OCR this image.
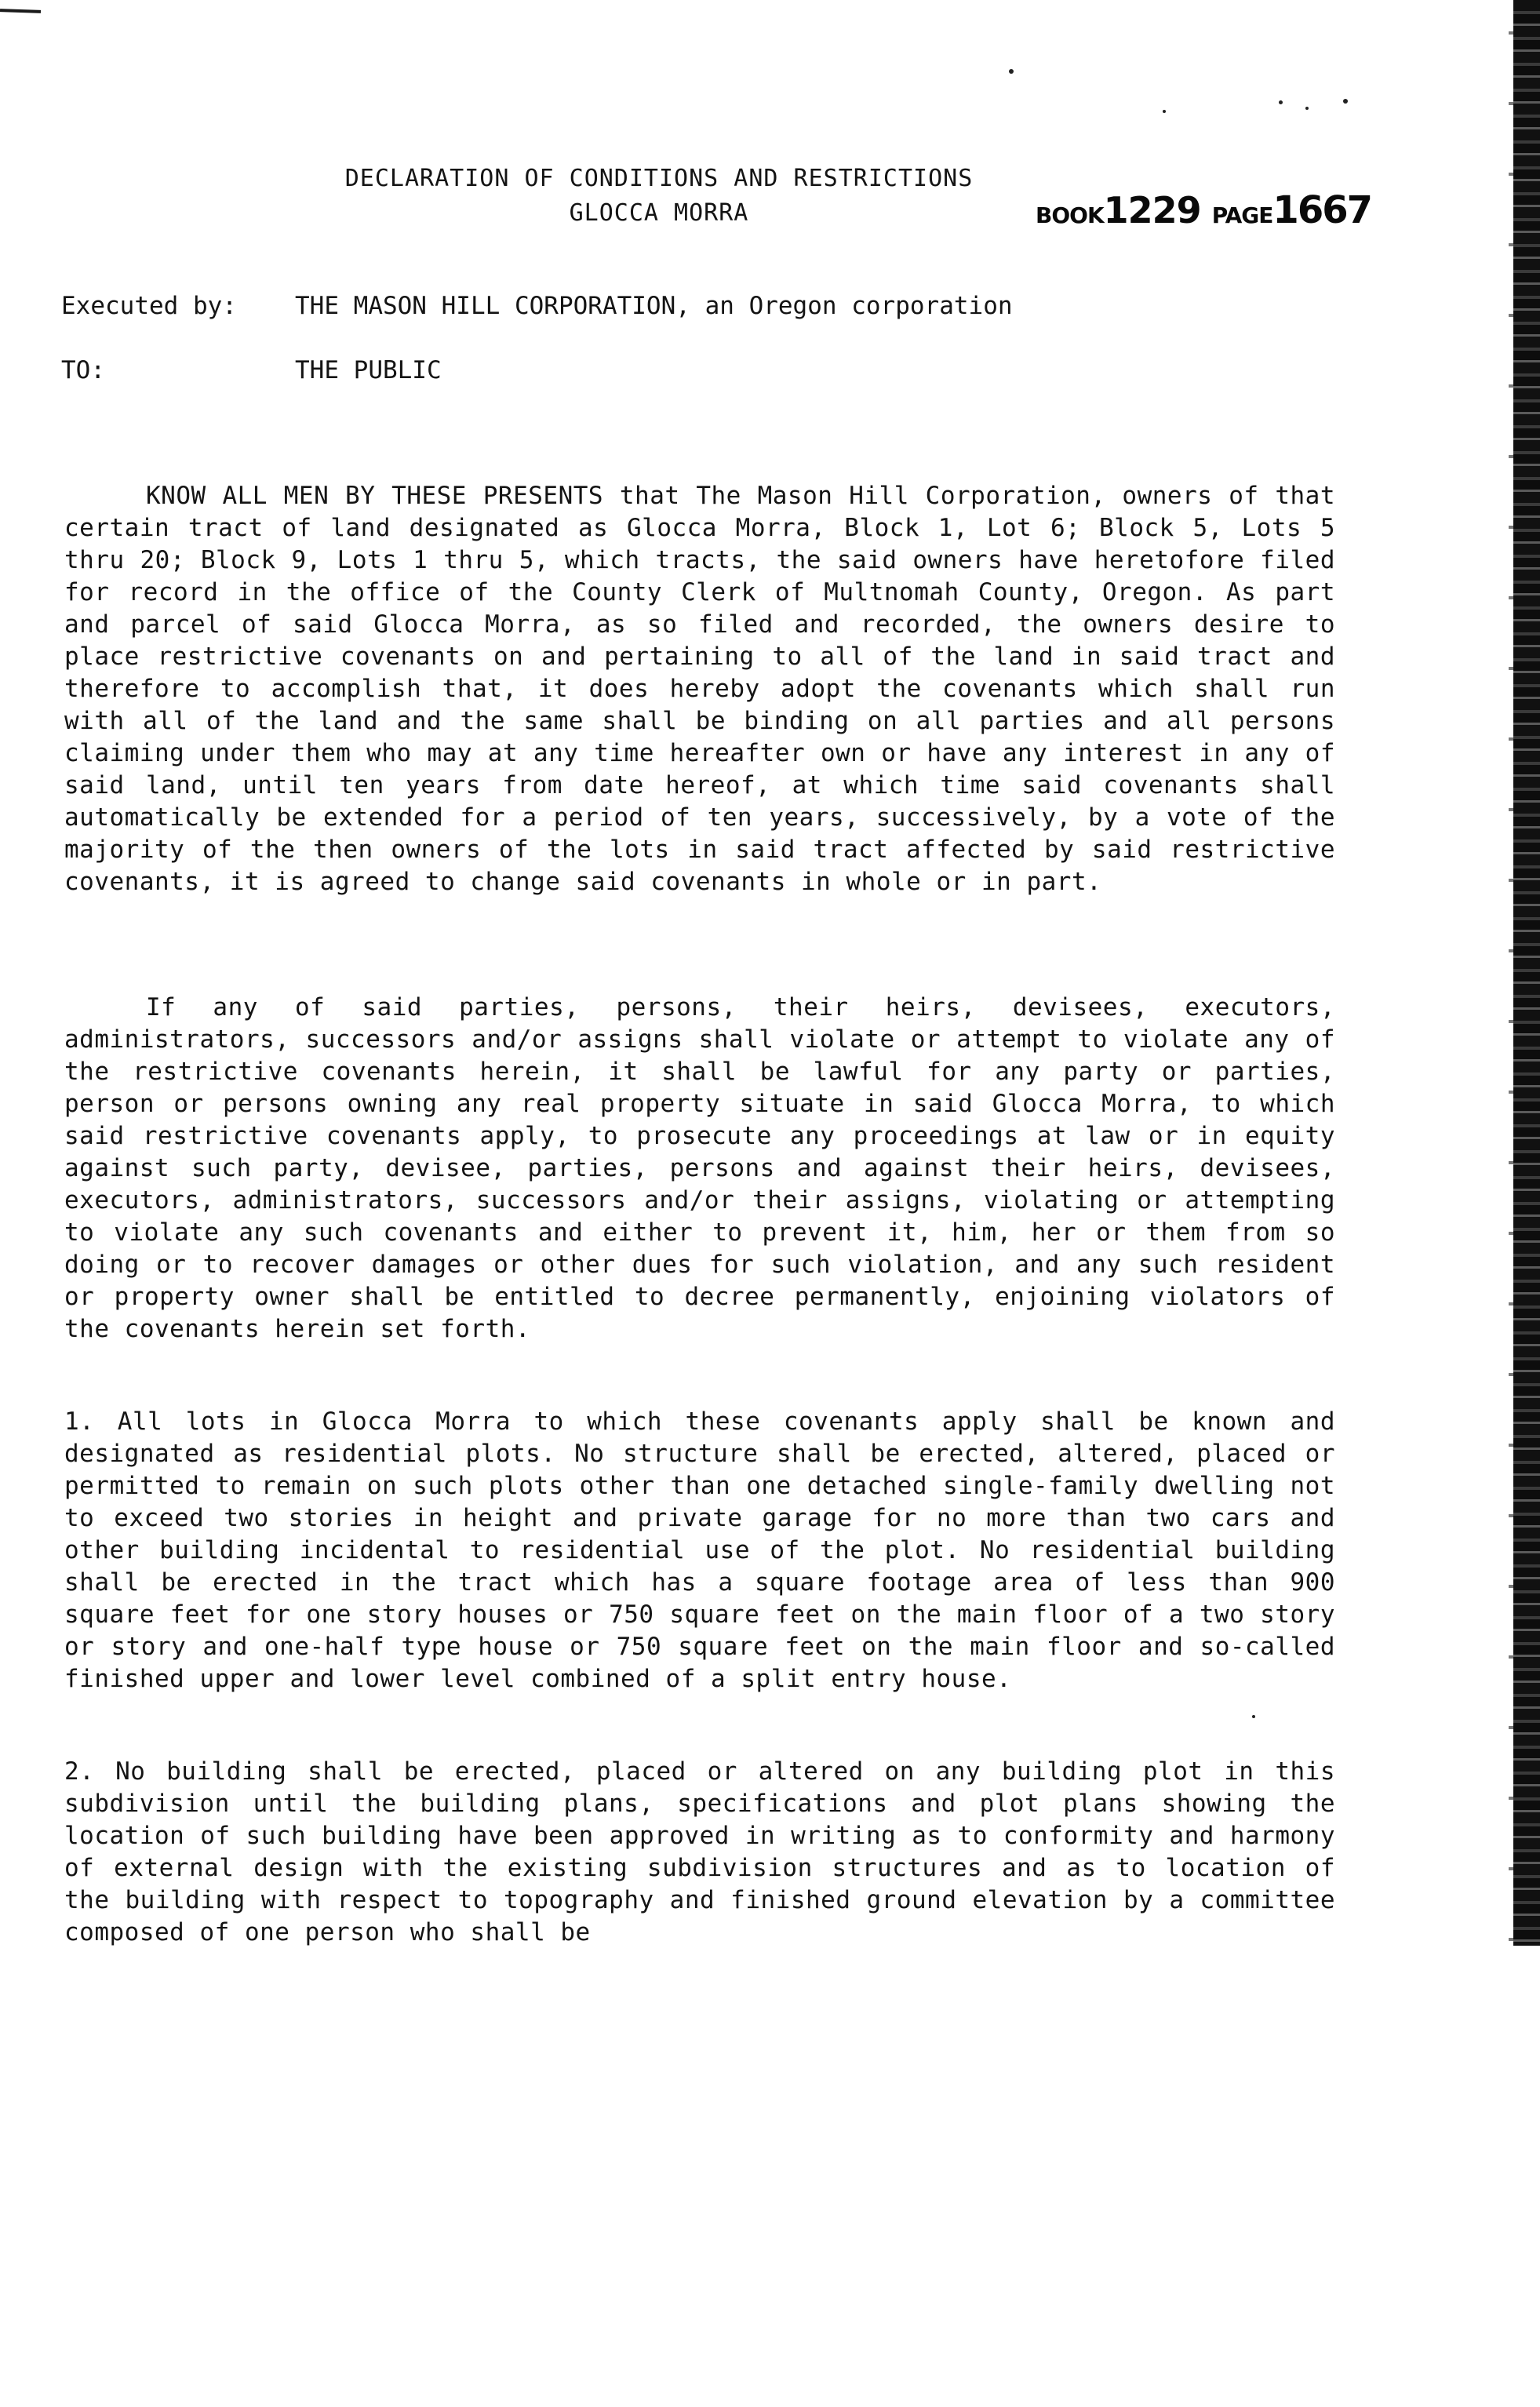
DECLARATION OF CONDITIONS AND RESTRICTIONS
GLOCCA MORRA	BOOK1229 PAGE1667
Executed by: THE MASON HILL CORPORATION, an Oregon corporation
TO:	THE PUBLIC

KNOW ALL MEN BY THESE PRESENTS that The Mason Hill Corporation, owners of that certain tract of land designated as Glocca Morra, Block 1, Lot 6; Block 5, Lots 5 thru 20; Block 9, Lots 1 thru 5, which tracts, the said owners have heretofore filed for record in the office of the County Clerk of Multnomah County, Oregon. As part and parcel of said Glocca Morra, as so filed and recorded, the owners desire to place restrictive covenants on and pertaining to all of the land in said tract and therefore to accomplish that, it does hereby adopt the covenants which shall run with all of the land and the same shall be binding on all parties and all persons claiming under them who may at any time hereafter own or have any interest in any of said land, until ten years from date hereof, at which time said covenants shall automatically be extended for a period of ten years, successively, by a vote of the majority of the then owners of the lots in said tract affected by said restrictive covenants, it is agreed to change said covenants in whole or in part.

If any of said parties, persons, their heirs, devisees, executors, administrators, successors and/or assigns shall violate or attempt to violate any of the restrictive covenants herein, it shall be lawful for any party or parties, person or persons owning any real property situate in said Glocca Morra, to which said restrictive covenants apply, to prosecute any proceedings at law or in equity against such party, devisee, parties, persons and against their heirs, devisees, executors, administrators, successors and/or their assigns, violating or attempting to violate any such covenants and either to prevent it, him, her or them from so doing or to recover damages or other dues for such violation, and any such resident or property owner shall be entitled to decree permanently, enjoining violators of the covenants herein set forth.

1. All lots in Glocca Morra to which these covenants apply shall be known and designated as residential plots. No structure shall be erected, altered, placed or permitted to remain on such plots other than one detached single-family dwelling not to exceed two stories in height and private garage for no more than two cars and other building incidental to residential use of the plot. No residential building shall be erected in the tract which has a square footage area of less than 900 square feet for one story houses or 750 square feet on the main floor of a two story or story and one-half type house or 750 square feet on the main floor and so-called finished upper and lower level combined of a split entry house.

2. No building shall be erected, placed or altered on any building plot in this subdivision until the building plans, specifications and plot plans showing the location of such building have been approved in writing as to conformity and harmony of external design with the existing subdivision structures and as to location of the building with respect to topography and finished ground elevation by a committee composed of one person who shall be
